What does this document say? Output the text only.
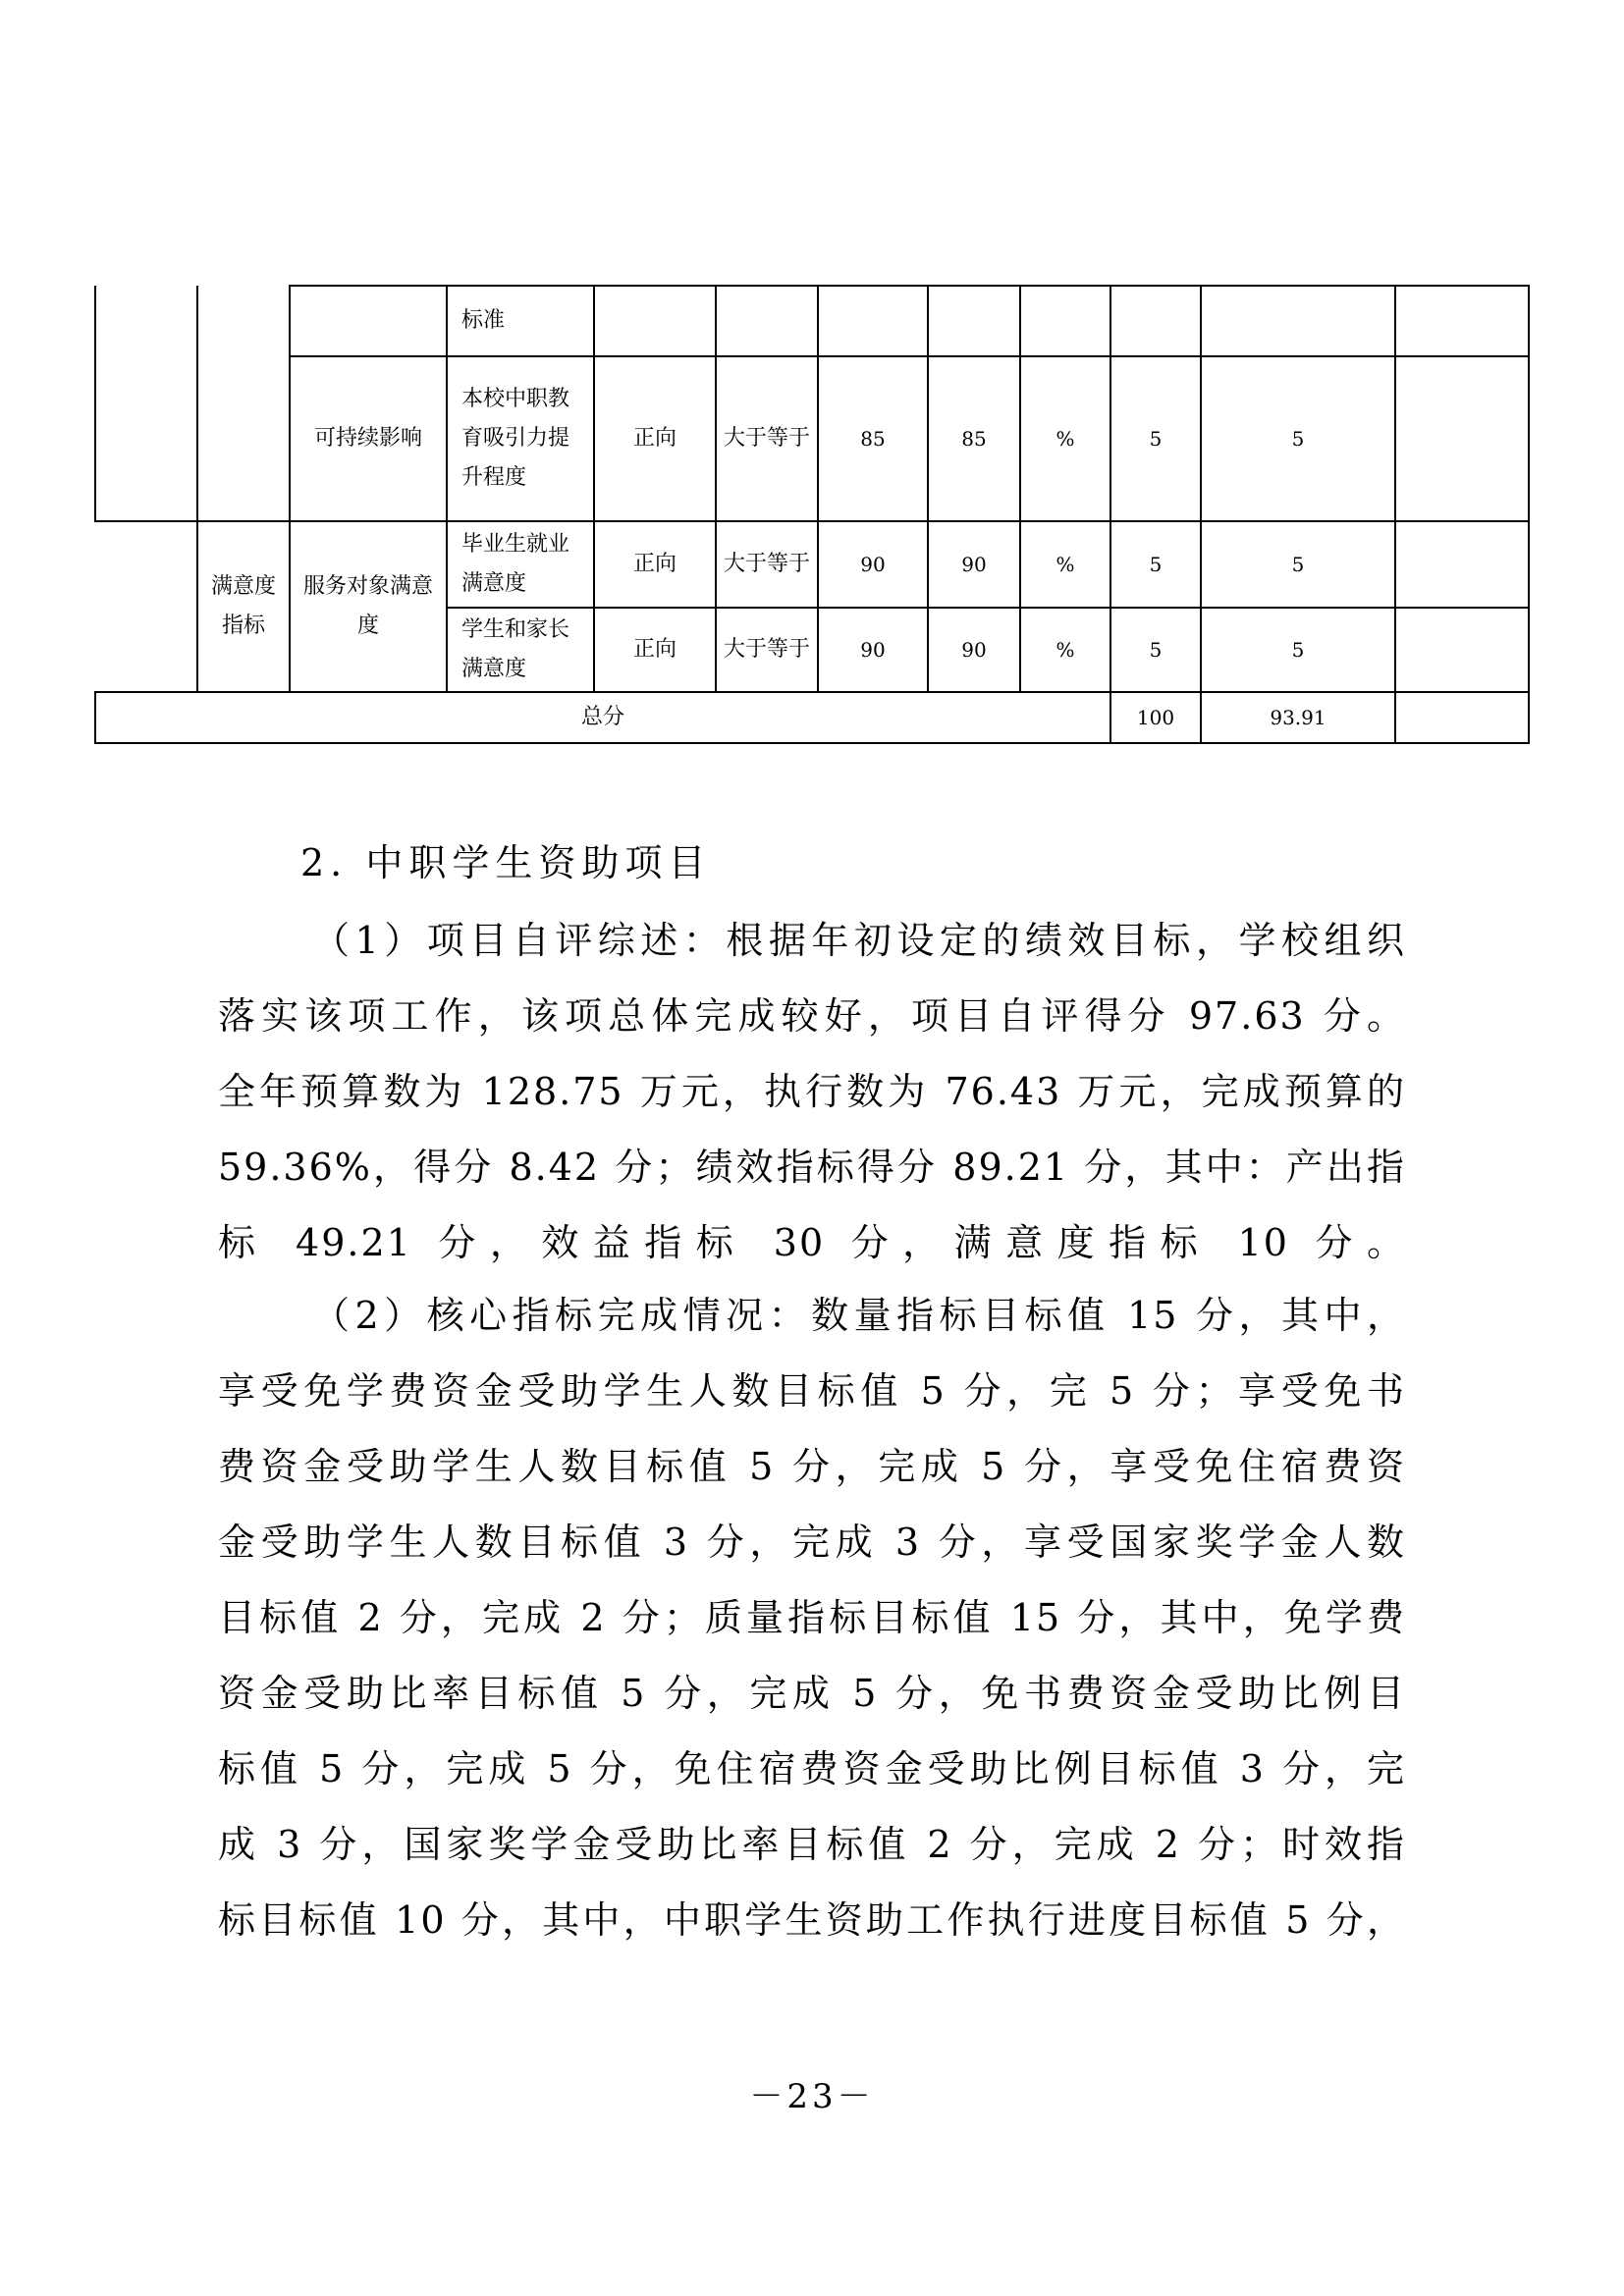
			标准								
		可持续影响	本校中职教育吸引力提升程度	正向	大于等于	85	85	%	5	5	
	满意度指标	服务对象满意度	毕业生就业满意度	正向	大于等于	90	90	%	5	5	
			学生和家长满意度	正向	大于等于	90	90	%	5	5	
总分									100	93.91	
2. 中职学生资助项目
（1）项目自评综述：根据年初设定的绩效目标，学校组织
落实该项工作，该项总体完成较好，项目自评得分 97.63 分。
全年预算数为 128.75 万元，执行数为 76.43 万元，完成预算的
59.36%，得分 8.42 分；绩效指标得分 89.21 分，其中：产出指
标 49.21 分，效益指标 30 分，满意度指标 10 分。
（2）核心指标完成情况：数量指标目标值 15 分，其中，
享受免学费资金受助学生人数目标值 5 分，完 5 分；享受免书
费资金受助学生人数目标值 5 分，完成 5 分，享受免住宿费资
金受助学生人数目标值 3 分，完成 3 分，享受国家奖学金人数
目标值 2 分，完成 2 分；质量指标目标值 15 分，其中，免学费
资金受助比率目标值 5 分，完成 5 分，免书费资金受助比例目
标值 5 分，完成 5 分，免住宿费资金受助比例目标值 3 分，完
成 3 分，国家奖学金受助比率目标值 2 分，完成 2 分；时效指
标目标值 10 分，其中，中职学生资助工作执行进度目标值 5 分，
－23－
